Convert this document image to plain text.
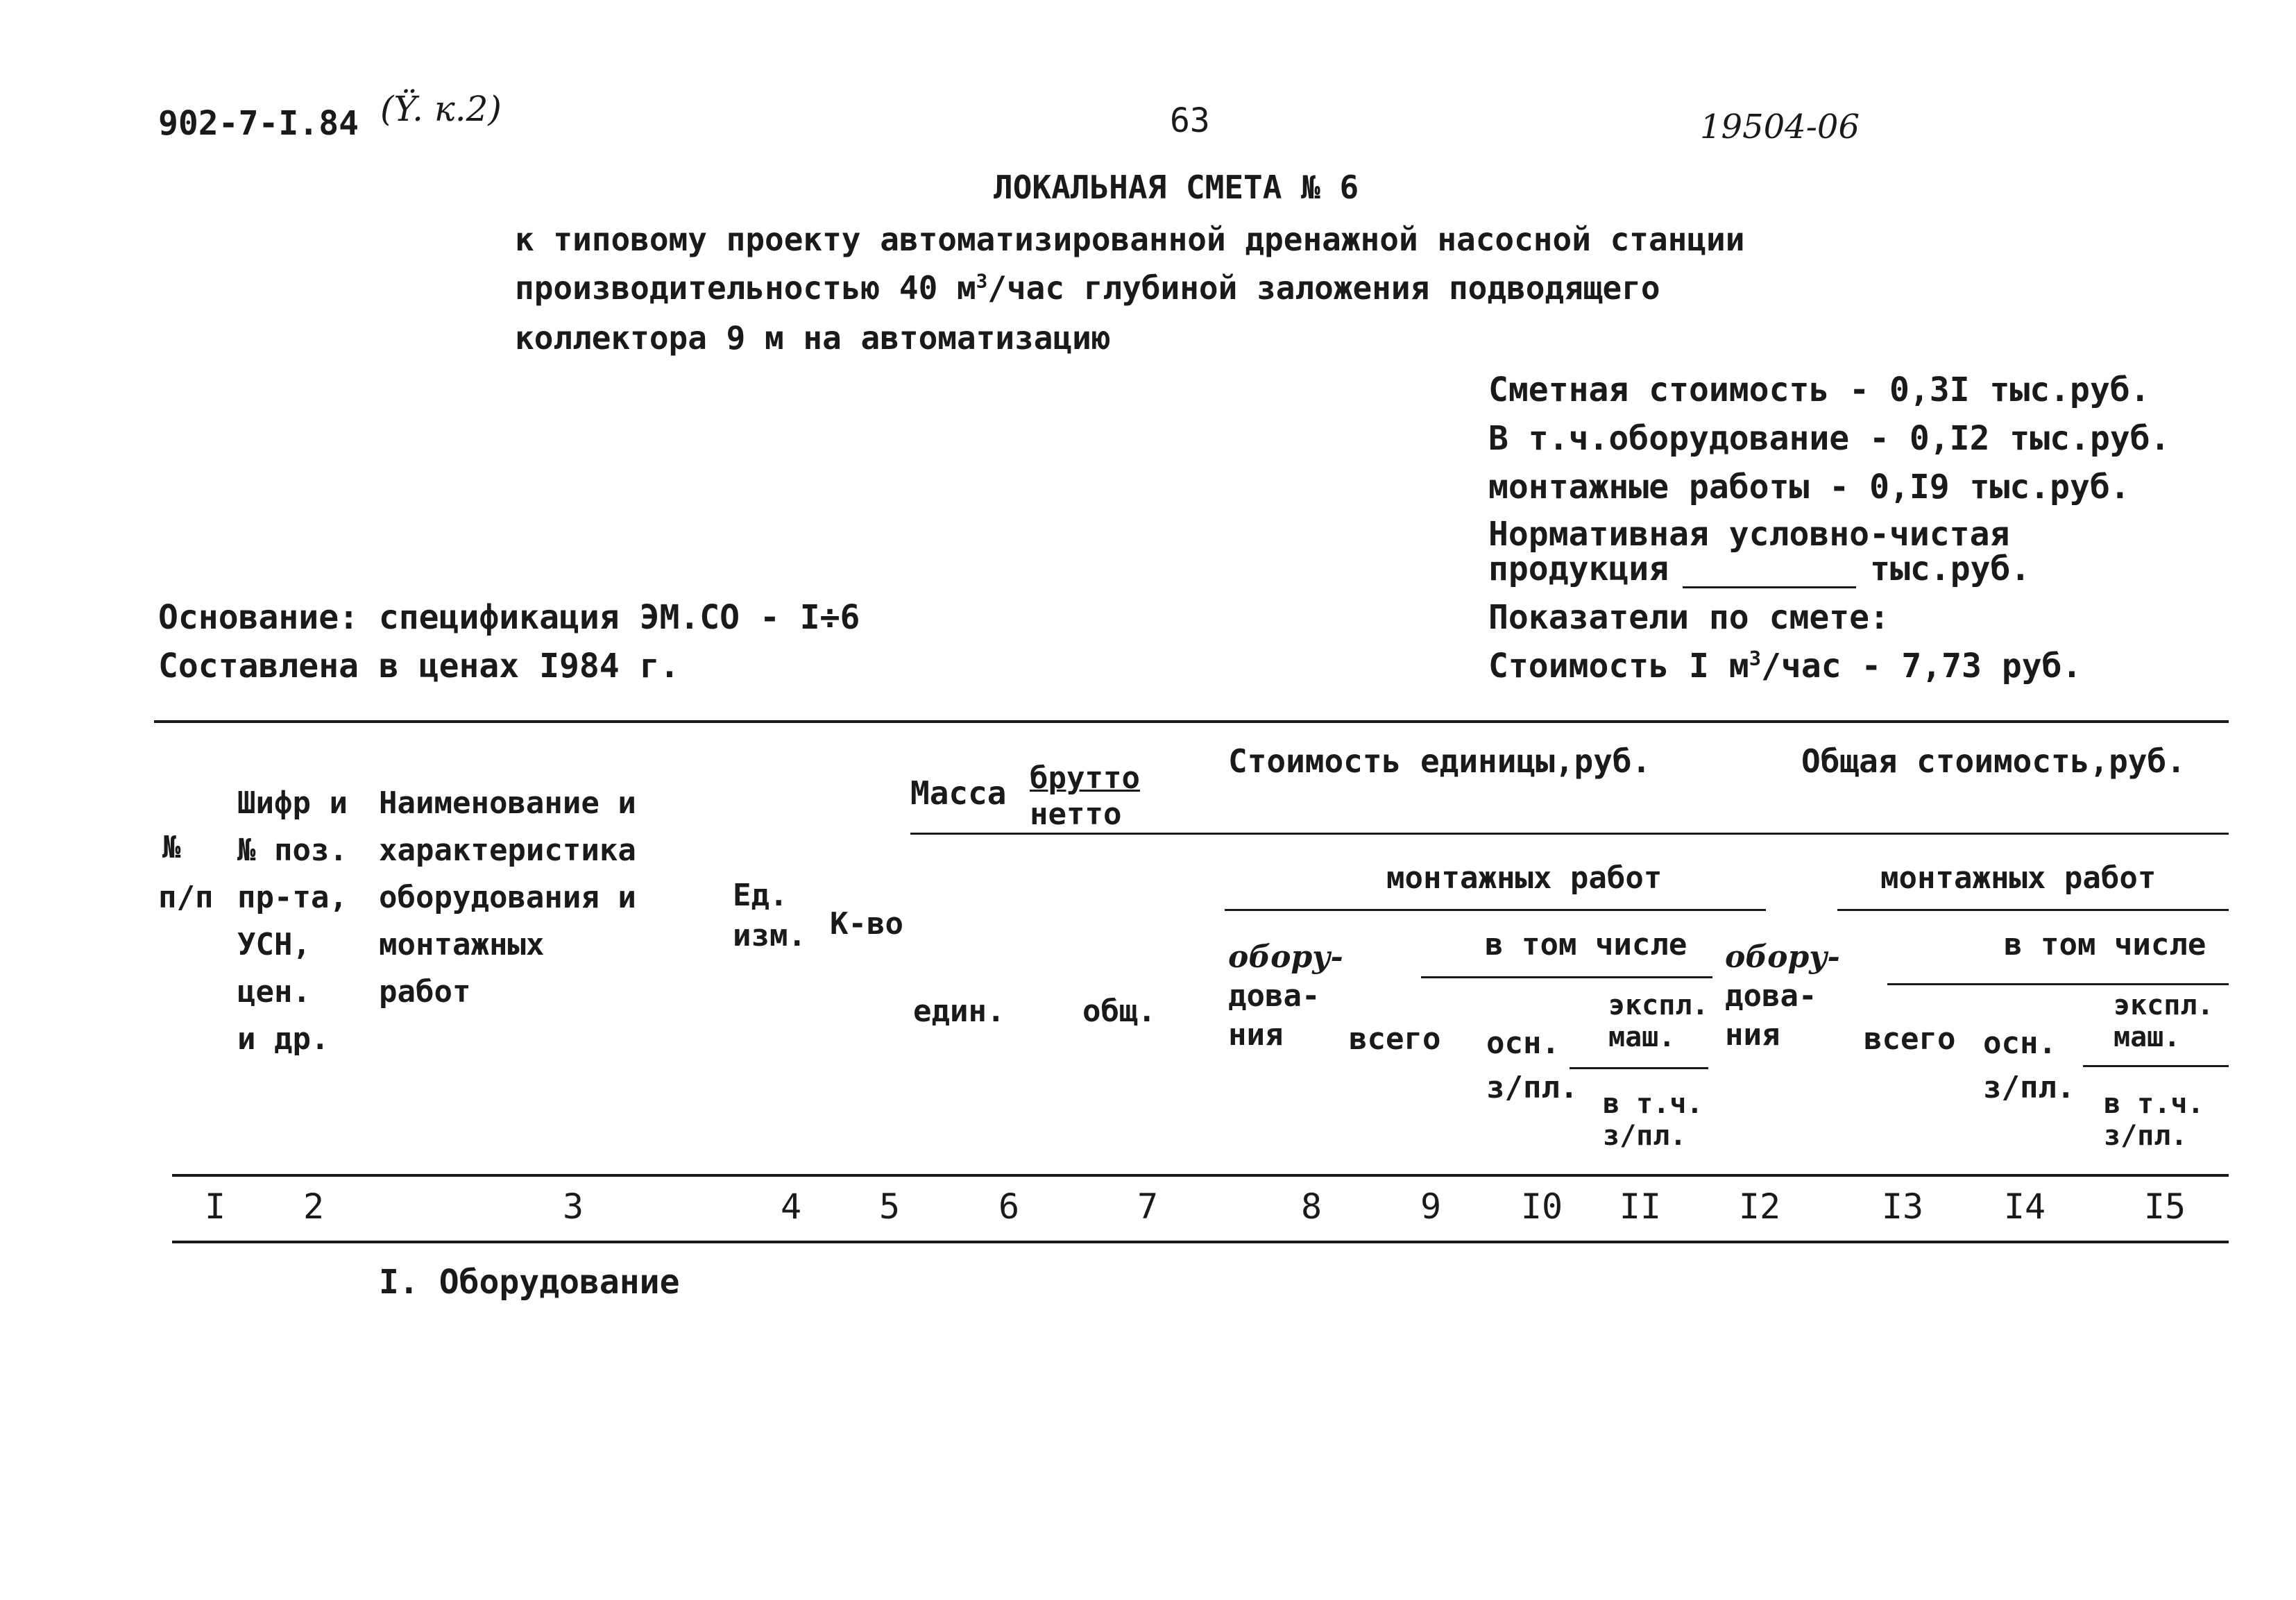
902-7-I.84 (Ÿ. к.2)	63	19504-06
ЛОКАЛЬНАЯ СМЕТА № 6
к типовому проекту автоматизированной дренажной насосной станции
производительностью 40 $м^3$/час глубиной заложения подводящего
коллектора 9 м на автоматизацию
Сметная стоимость - 0,3I тыс.руб.
В т.ч.оборудование - 0,I2 тыс.руб.
монтажные работы - 0,I9 тыс.руб.
Нормативная условно-чистая
продукция	тыс.руб.
Показатели по смете:
Стоимость I $м^3$/час - 7,73 руб.
Основание: спецификация ЭМ.СО - I÷6
Составлена в ценах I984 г.
№
п/п
Шифр и
№ поз.
пр-та,
УСН,
цен.
и др.
Наименование и
характеристика
оборудования и
монтажных
работ
Ед.
изм. К-во
Масса брутто
нетто
един.	общ.
Стоимость единицы,руб.	Общая стоимость,руб.
монтажных работ	монтажных работ
в том числе	в том числе
обору-
дова-
ния	всего осн.
з/пл.
экспл.
маш.
в т.ч.
з/пл.
обору-
дова-
ния	всего осн.
з/пл.
экспл.
маш.
в т.ч.
з/пл.
I 2	3	4 5	6	7	8	9 I0 II I2	I3 I4	I5
I. Оборудование
